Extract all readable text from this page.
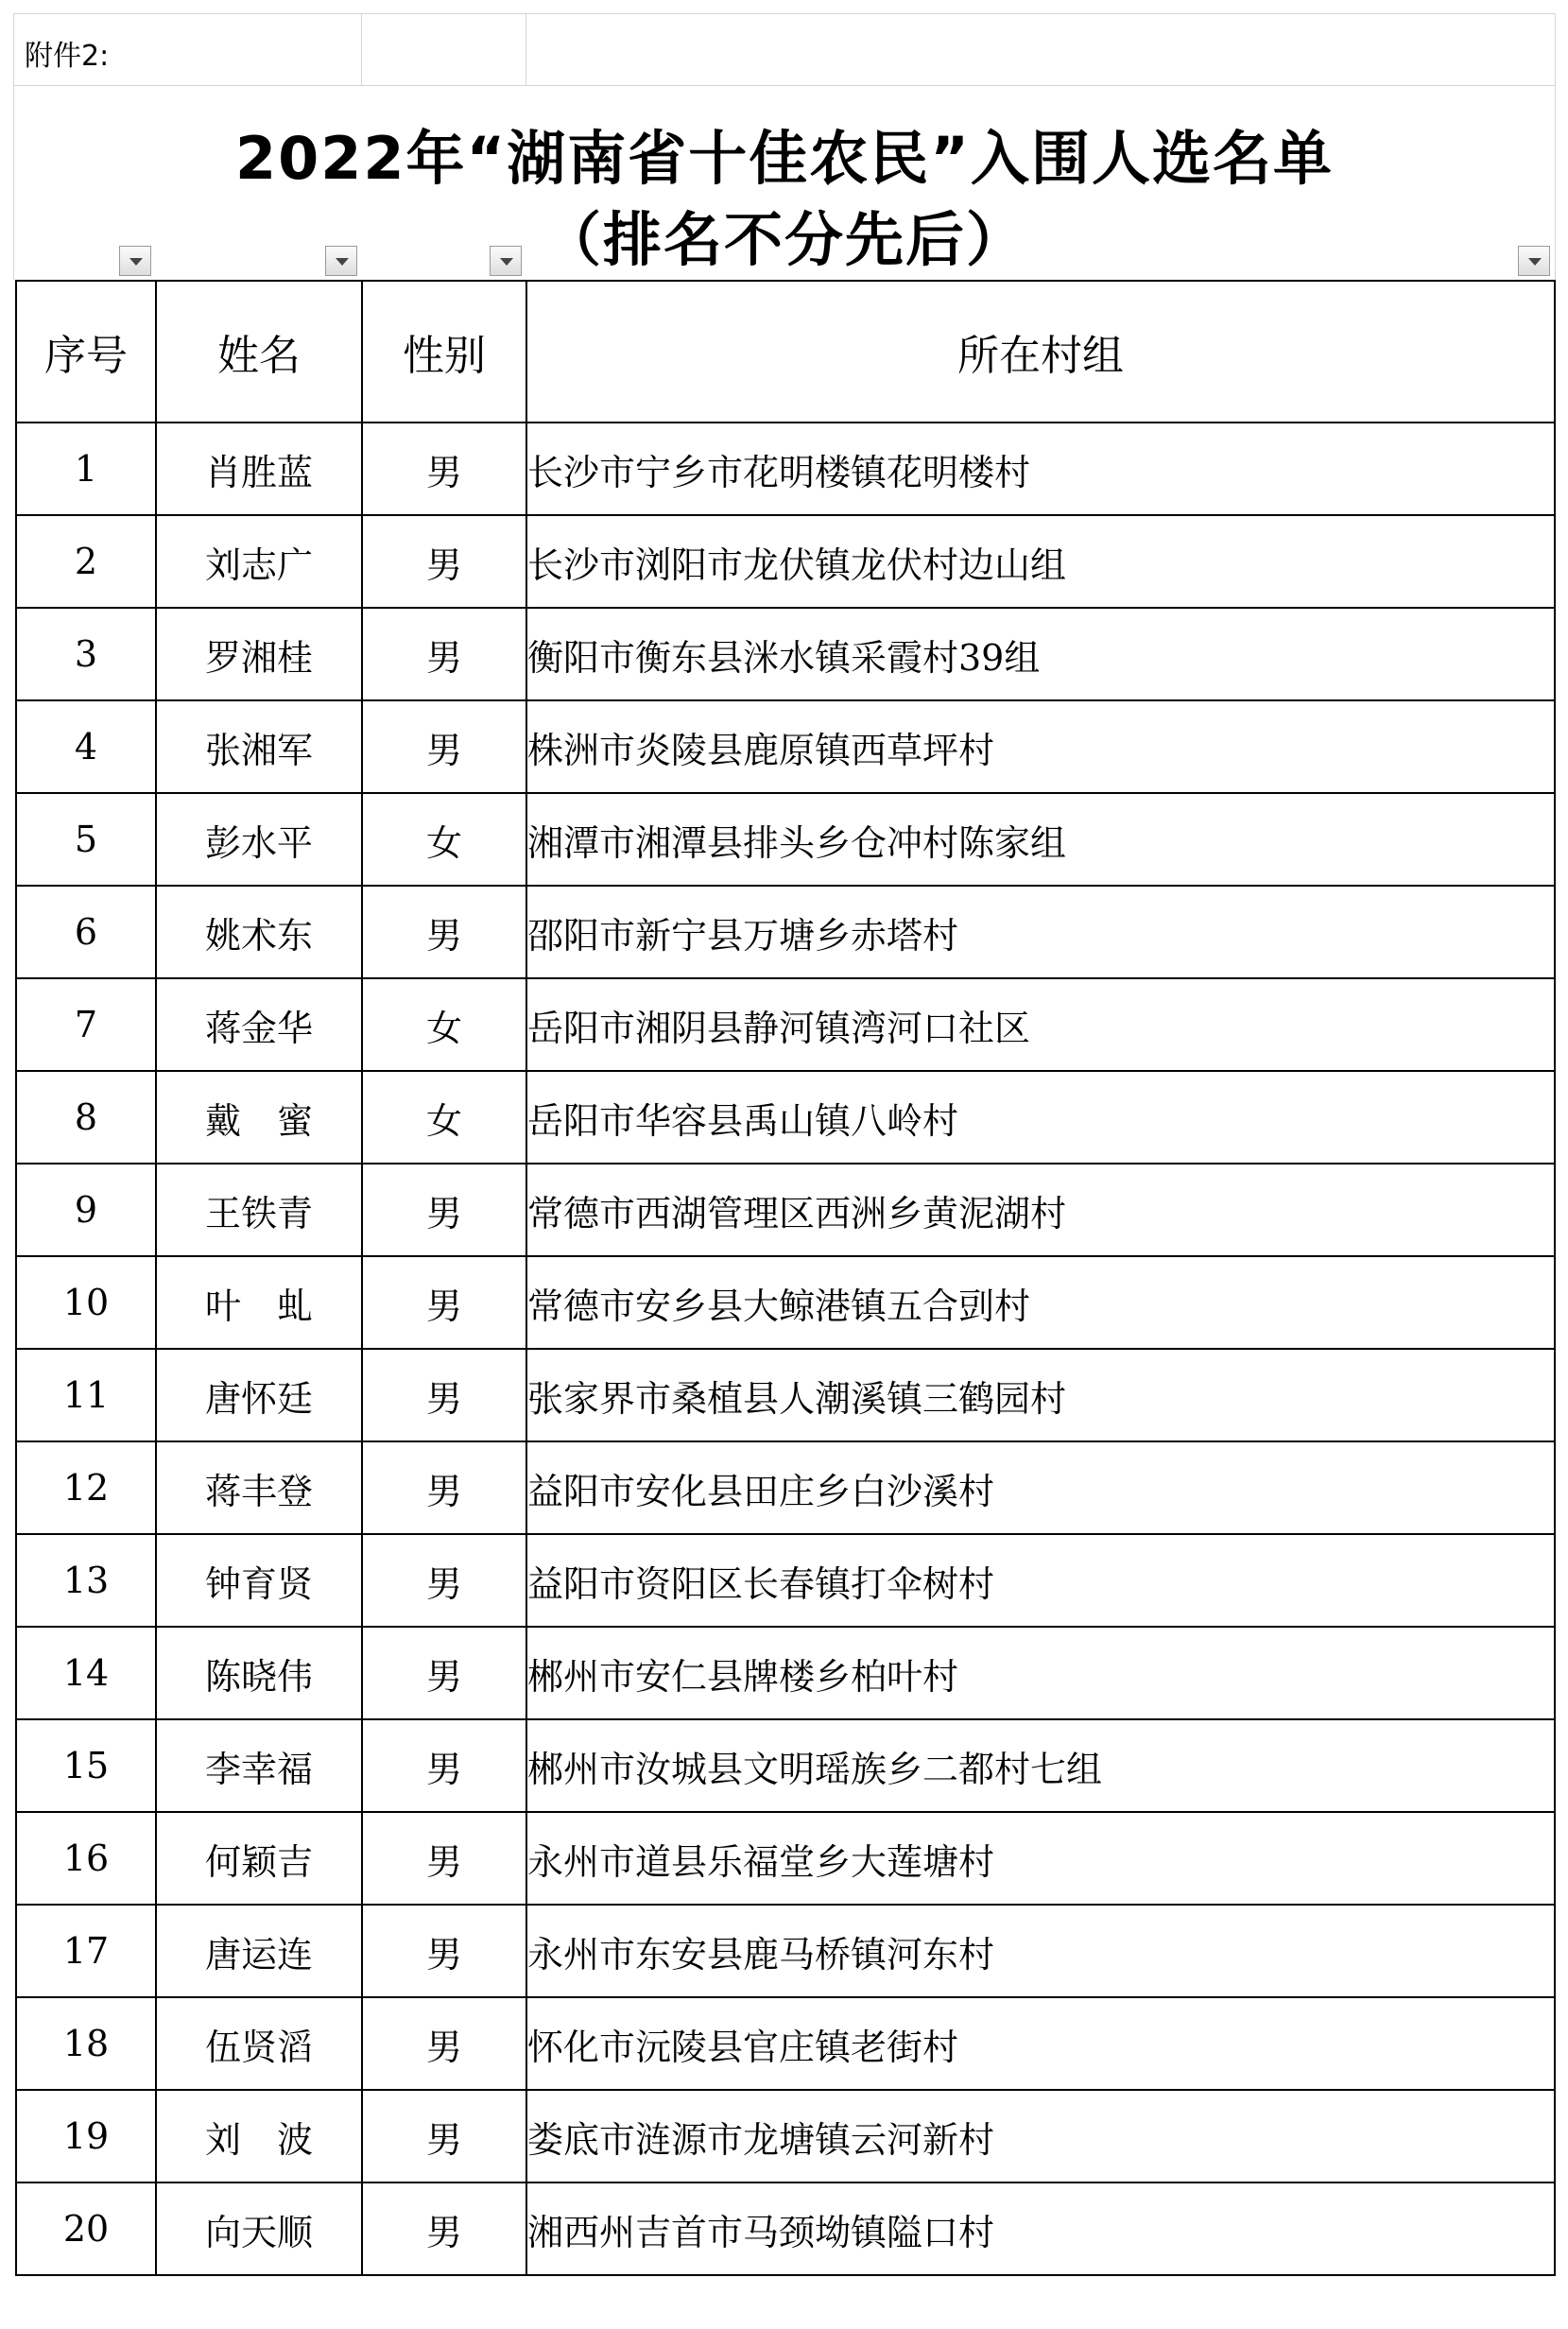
附件2:
2022年“湖南省十佳农民”入围人选名单
（排名不分先后）
序号	姓名	性别	所在村组
1	肖胜蓝	男	长沙市宁乡市花明楼镇花明楼村
2	刘志广	男	长沙市浏阳市龙伏镇龙伏村边山组
3	罗湘桂	男	衡阳市衡东县洣水镇采霞村39组
4	张湘军	男	株洲市炎陵县鹿原镇西草坪村
5	彭水平	女	湘潭市湘潭县排头乡仓冲村陈家组
6	姚术东	男	邵阳市新宁县万塘乡赤塔村
7	蒋金华	女	岳阳市湘阴县静河镇湾河口社区
8	戴　蜜	女	岳阳市华容县禹山镇八岭村
9	王铁青	男	常德市西湖管理区西洲乡黄泥湖村
10	叶　虬	男	常德市安乡县大鲸港镇五合剅村
11	唐怀廷	男	张家界市桑植县人潮溪镇三鹤园村
12	蒋丰登	男	益阳市安化县田庄乡白沙溪村
13	钟育贤	男	益阳市资阳区长春镇打伞树村
14	陈晓伟	男	郴州市安仁县牌楼乡柏叶村
15	李幸福	男	郴州市汝城县文明瑶族乡二都村七组
16	何颖吉	男	永州市道县乐福堂乡大莲塘村
17	唐运连	男	永州市东安县鹿马桥镇河东村
18	伍贤滔	男	怀化市沅陵县官庄镇老街村
19	刘　波	男	娄底市涟源市龙塘镇云河新村
20	向天顺	男	湘西州吉首市马颈坳镇隘口村
